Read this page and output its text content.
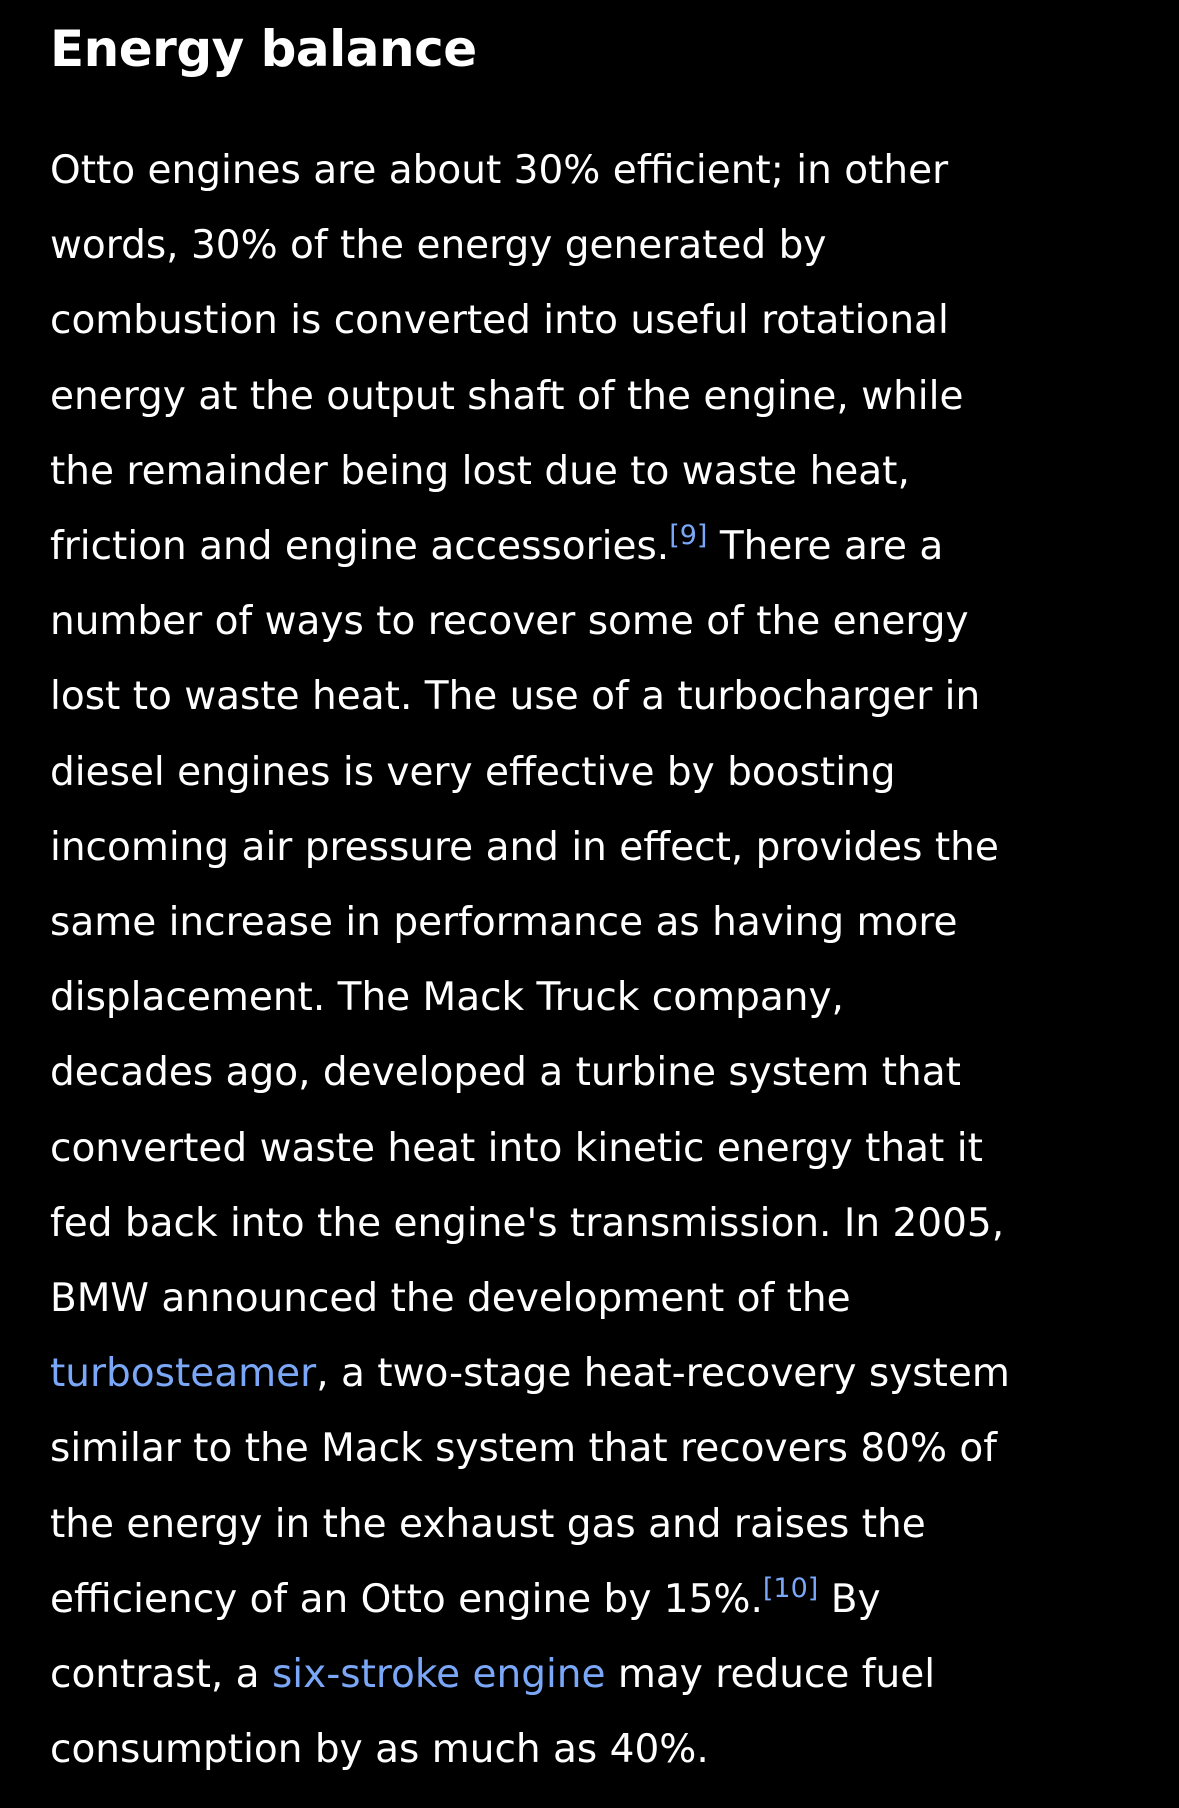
Energy balance

Otto engines are about 30% efficient; in other
words, 30% of the energy generated by
combustion is converted into useful rotational
energy at the output shaft of the engine, while
the remainder being lost due to waste heat,
friction and engine accessories.[9] There are a
number of ways to recover some of the energy
lost to waste heat. The use of a turbocharger in
diesel engines is very effective by boosting
incoming air pressure and in effect, provides the
same increase in performance as having more
displacement. The Mack Truck company,
decades ago, developed a turbine system that
converted waste heat into kinetic energy that it
fed back into the engine's transmission. In 2005,
BMW announced the development of the
turbosteamer, a two-stage heat-recovery system
similar to the Mack system that recovers 80% of
the energy in the exhaust gas and raises the
efficiency of an Otto engine by 15%.[10] By
contrast, a six-stroke engine may reduce fuel
consumption by as much as 40%.
